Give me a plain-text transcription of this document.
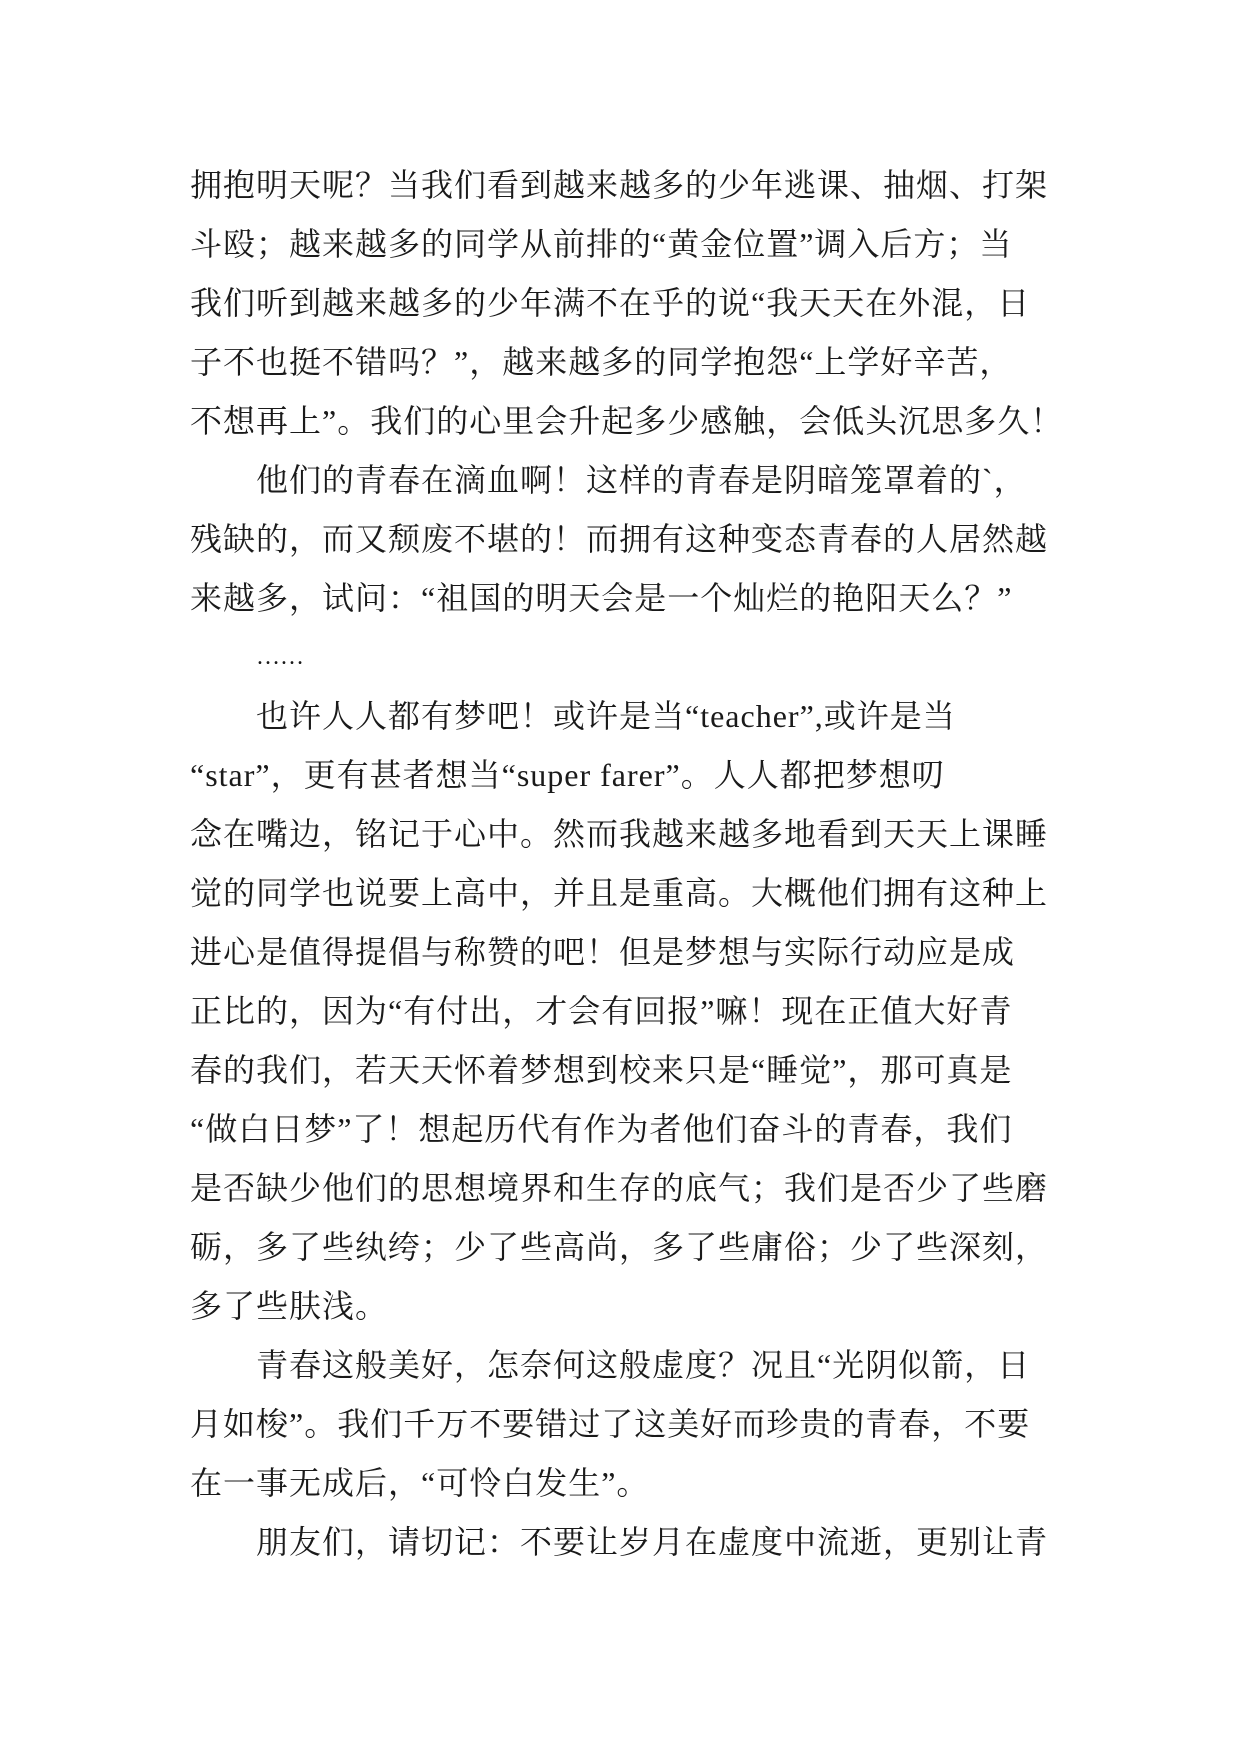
拥抱明天呢？当我们看到越来越多的少年逃课、抽烟、打架
斗殴；越来越多的同学从前排的“黄金位置”调入后方；当
我们听到越来越多的少年满不在乎的说“我天天在外混，日
子不也挺不错吗？”，越来越多的同学抱怨“上学好辛苦，
不想再上”。我们的心里会升起多少感触，会低头沉思多久！
他们的青春在滴血啊！这样的青春是阴暗笼罩着的`，
残缺的，而又颓废不堪的！而拥有这种变态青春的人居然越
来越多，试问：“祖国的明天会是一个灿烂的艳阳天么？”
……
也许人人都有梦吧！或许是当“teacher”,或许是当
“star”，更有甚者想当“super farer”。人人都把梦想叨
念在嘴边，铭记于心中。然而我越来越多地看到天天上课睡
觉的同学也说要上高中，并且是重高。大概他们拥有这种上
进心是值得提倡与称赞的吧！但是梦想与实际行动应是成
正比的，因为“有付出，才会有回报”嘛！现在正值大好青
春的我们，若天天怀着梦想到校来只是“睡觉”，那可真是
“做白日梦”了！想起历代有作为者他们奋斗的青春，我们
是否缺少他们的思想境界和生存的底气；我们是否少了些磨
砺，多了些纨绔；少了些高尚，多了些庸俗；少了些深刻，
多了些肤浅。
青春这般美好，怎奈何这般虚度？况且“光阴似箭，日
月如梭”。我们千万不要错过了这美好而珍贵的青春，不要
在一事无成后，“可怜白发生”。
朋友们，请切记：不要让岁月在虚度中流逝，更别让青
